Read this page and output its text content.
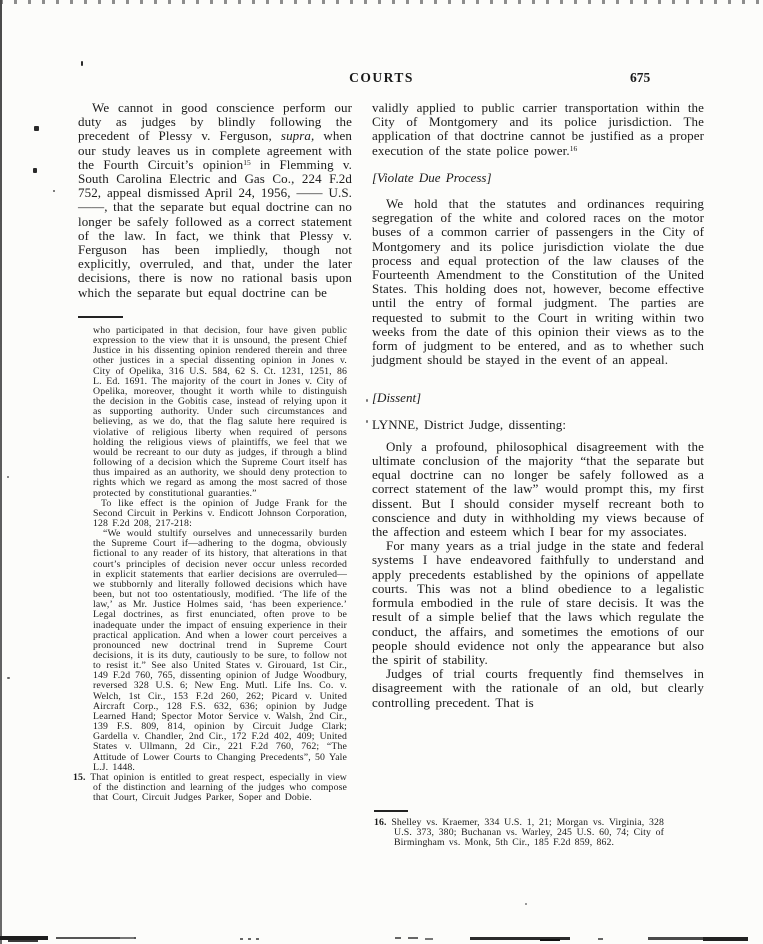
COURTS	675

We cannot in good conscience perform our duty as judges by blindly following the precedent of Plessy v. Ferguson, supra, when our study leaves us in complete agreement with the Fourth Circuit’s opinion$^{15}$ in Flemming v. South Carolina Electric and Gas Co., 224 F.2d 752, appeal dismissed April 24, 1956, —— U.S. ——, that the separate but equal doctrine can no longer be safely followed as a correct statement of the law. In fact, we think that Plessy v. Ferguson has been impliedly, though not explicitly, overruled, and that, under the later decisions, there is now no rational basis upon which the separate but equal doctrine can be

who participated in that decision, four have given public expression to the view that it is unsound, the present Chief Justice in his dissenting opinion rendered therein and three other justices in a special dissenting opinion in Jones v. City of Opelika, 316 U.S. 584, 62 S. Ct. 1231, 1251, 86 L. Ed. 1691. The majority of the court in Jones v. City of Opelika, moreover, thought it worth while to distinguish the decision in the Gobitis case, instead of relying upon it as supporting authority. Under such circumstances and believing, as we do, that the flag salute here required is violative of religious liberty when required of persons holding the religious views of plaintiffs, we feel that we would be recreant to our duty as judges, if through a blind following of a decision which the Supreme Court itself has thus impaired as an authority, we should deny protection to rights which we regard as among the most sacred of those protected by constitutional guaranties.”

To like effect is the opinion of Judge Frank for the Second Circuit in Perkins v. Endicott Johnson Corporation, 128 F.2d 208, 217-218:

“We would stultify ourselves and unnecessarily burden the Supreme Court if—adhering to the dogma, obviously fictional to any reader of its history, that alterations in that court’s principles of decision never occur unless recorded in explicit statements that earlier decisions are overruled—we stubbornly and literally followed decisions which have been, but not too ostentatiously, modified. ‘The life of the law,’ as Mr. Justice Holmes said, ‘has been experience.’ Legal doctrines, as first enunciated, often prove to be inadequate under the impact of ensuing experience in their practical application. And when a lower court perceives a pronounced new doctrinal trend in Supreme Court decisions, it is its duty, cautiously to be sure, to follow not to resist it.” See also United States v. Girouard, 1st Cir., 149 F.2d 760, 765, dissenting opinion of Judge Woodbury, reversed 328 U.S. 6; New Eng. Mutl. Life Ins. Co. v. Welch, 1st Cir., 153 F.2d 260, 262; Picard v. United Aircraft Corp., 128 F.S. 632, 636; opinion by Judge Learned Hand; Spector Motor Service v. Walsh, 2nd Cir., 139 F.S. 809, 814, opinion by Circuit Judge Clark; Gardella v. Chandler, 2nd Cir., 172 F.2d 402, 409; United States v. Ullmann, 2d Cir., 221 F.2d 760, 762; “The Attitude of Lower Courts to Changing Precedents”, 50 Yale L.J. 1448.

15. That opinion is entitled to great respect, especially in view of the distinction and learning of the judges who compose that Court, Circuit Judges Parker, Soper and Dobie.

validly applied to public carrier transportation within the City of Montgomery and its police jurisdiction. The application of that doctrine cannot be justified as a proper execution of the state police power.$^{16}$

[Violate Due Process]

We hold that the statutes and ordinances requiring segregation of the white and colored races on the motor buses of a common carrier of passengers in the City of Montgomery and its police jurisdiction violate the due process and equal protection of the law clauses of the Fourteenth Amendment to the Constitution of the United States. This holding does not, however, become effective until the entry of formal judgment. The parties are requested to submit to the Court in writing within two weeks from the date of this opinion their views as to the form of judgment to be entered, and as to whether such judgment should be stayed in the event of an appeal.

[Dissent]

LYNNE, District Judge, dissenting:

Only a profound, philosophical disagreement with the ultimate conclusion of the majority “that the separate but equal doctrine can no longer be safely followed as a correct statement of the law” would prompt this, my first dissent. But I should consider myself recreant both to conscience and duty in withholding my views because of the affection and esteem which I bear for my associates.

For many years as a trial judge in the state and federal systems I have endeavored faithfully to understand and apply precedents established by the opinions of appellate courts. This was not a blind obedience to a legalistic formula embodied in the rule of stare decisis. It was the result of a simple belief that the laws which regulate the conduct, the affairs, and sometimes the emotions of our people should evidence not only the appearance but also the spirit of stability.

Judges of trial courts frequently find themselves in disagreement with the rationale of an old, but clearly controlling precedent. That is

16. Shelley vs. Kraemer, 334 U.S. 1, 21; Morgan vs. Virginia, 328 U.S. 373, 380; Buchanan vs. Warley, 245 U.S. 60, 74; City of Birmingham vs. Monk, 5th Cir., 185 F.2d 859, 862.
